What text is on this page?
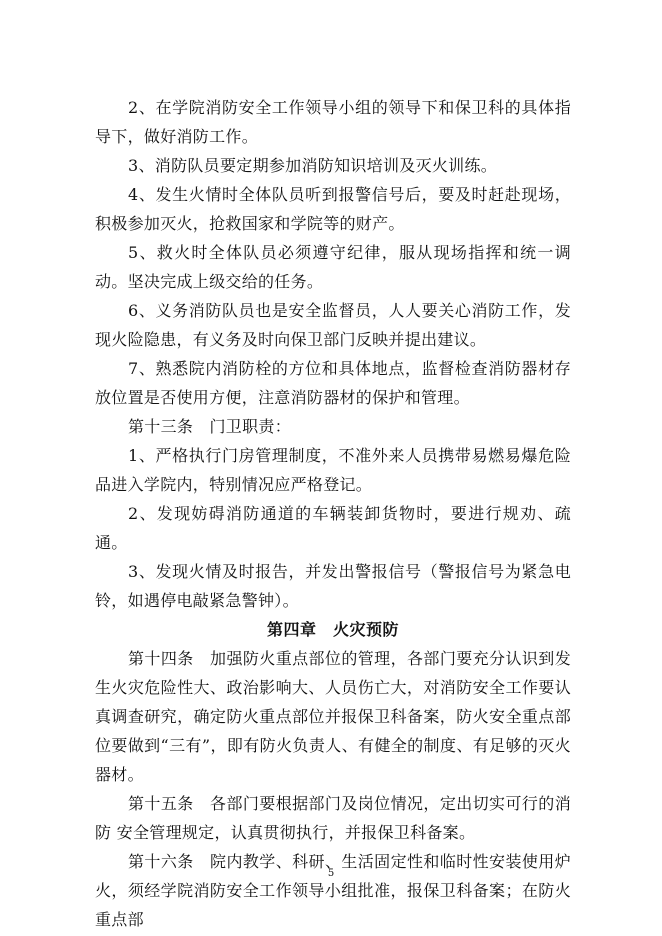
2、在学院消防安全工作领导小组的领导下和保卫科的具体指导下，做好消防工作。

3、消防队员要定期参加消防知识培训及灭火训练。

4、发生火情时全体队员听到报警信号后，要及时赶赴现场，积极参加灭火，抢救国家和学院等的财产。

5、救火时全体队员必须遵守纪律，服从现场指挥和统一调动。坚决完成上级交给的任务。

6、义务消防队员也是安全监督员，人人要关心消防工作，发现火险隐患，有义务及时向保卫部门反映并提出建议。

7、熟悉院内消防栓的方位和具体地点，监督检查消防器材存放位置是否使用方便，注意消防器材的保护和管理。

第十三条　门卫职责：

1、严格执行门房管理制度，不准外来人员携带易燃易爆危险品进入学院内，特别情况应严格登记。

2、发现妨碍消防通道的车辆装卸货物时，要进行规劝、疏通。

3、发现火情及时报告，并发出警报信号（警报信号为紧急电铃，如遇停电敲紧急警钟）。

第四章　火灾预防

第十四条　加强防火重点部位的管理，各部门要充分认识到发生火灾危险性大、政治影响大、人员伤亡大，对消防安全工作要认真调查研究，确定防火重点部位并报保卫科备案，防火安全重点部位要做到“三有”，即有防火负责人、有健全的制度、有足够的灭火器材。

第十五条　各部门要根据部门及岗位情况，定出切实可行的消防 安全管理规定，认真贯彻执行，并报保卫科备案。

第十六条　院内教学、科研、生活固定性和临时性安装使用炉火，须经学院消防安全工作领导小组批准，报保卫科备案；在防火重点部

5
